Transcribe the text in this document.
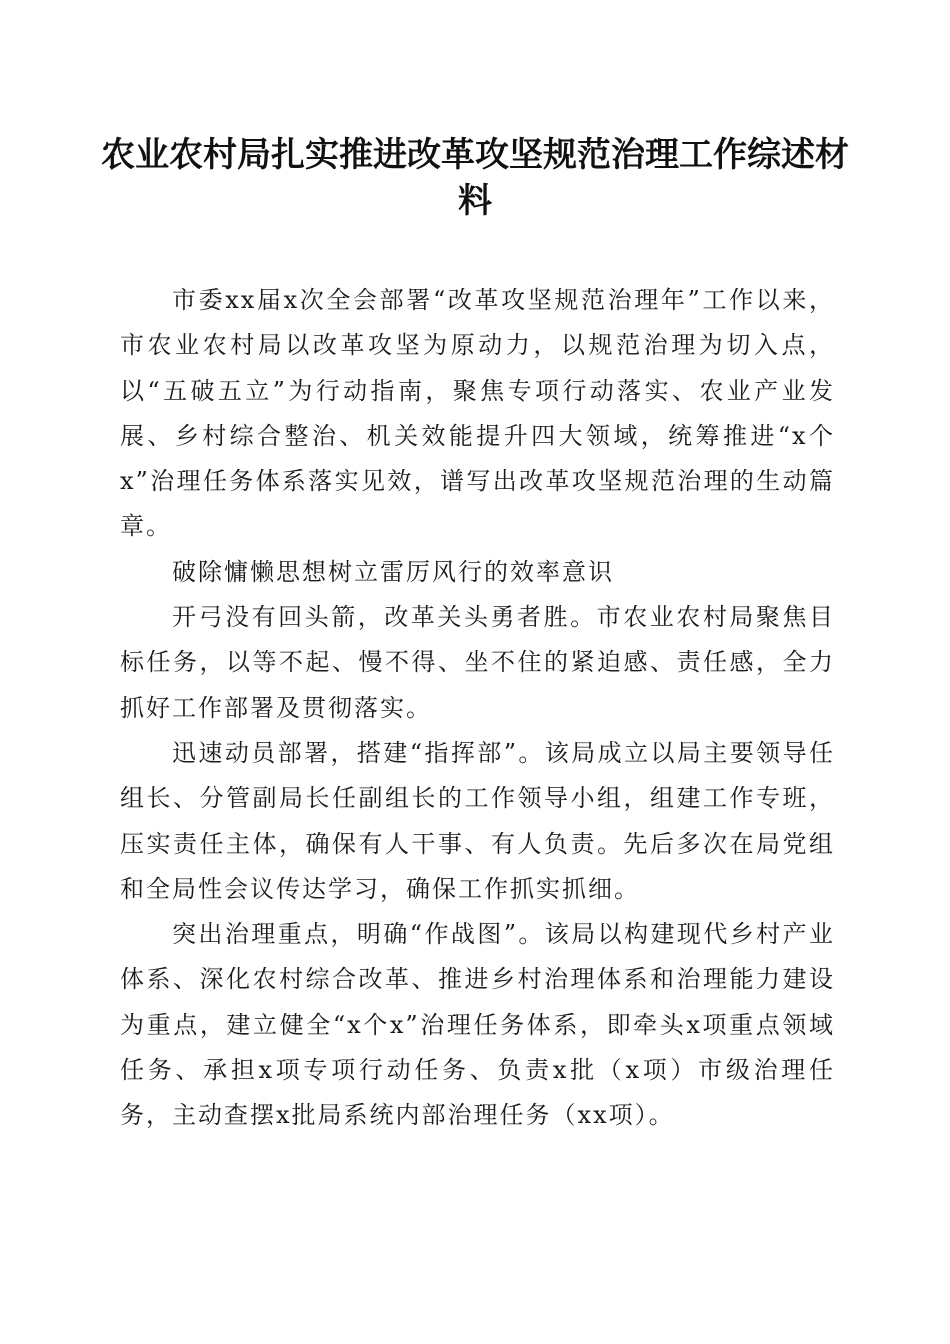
农业农村局扎实推进改革攻坚规范治理工作综述材料

市委xx届x次全会部署“改革攻坚规范治理年”工作以来，市农业农村局以改革攻坚为原动力，以规范治理为切入点，以“五破五立”为行动指南，聚焦专项行动落实、农业产业发展、乡村综合整治、机关效能提升四大领域，统筹推进“x个x”治理任务体系落实见效，谱写出改革攻坚规范治理的生动篇章。

破除慵懒思想树立雷厉风行的效率意识

开弓没有回头箭，改革关头勇者胜。市农业农村局聚焦目标任务，以等不起、慢不得、坐不住的紧迫感、责任感，全力抓好工作部署及贯彻落实。

迅速动员部署，搭建“指挥部”。该局成立以局主要领导任组长、分管副局长任副组长的工作领导小组，组建工作专班，压实责任主体，确保有人干事、有人负责。先后多次在局党组和全局性会议传达学习，确保工作抓实抓细。

突出治理重点，明确“作战图”。该局以构建现代乡村产业体系、深化农村综合改革、推进乡村治理体系和治理能力建设为重点，建立健全“x个x”治理任务体系，即牵头x项重点领域任务、承担x项专项行动任务、负责x批（x项）市级治理任务，主动查摆x批局系统内部治理任务（xx项）。
